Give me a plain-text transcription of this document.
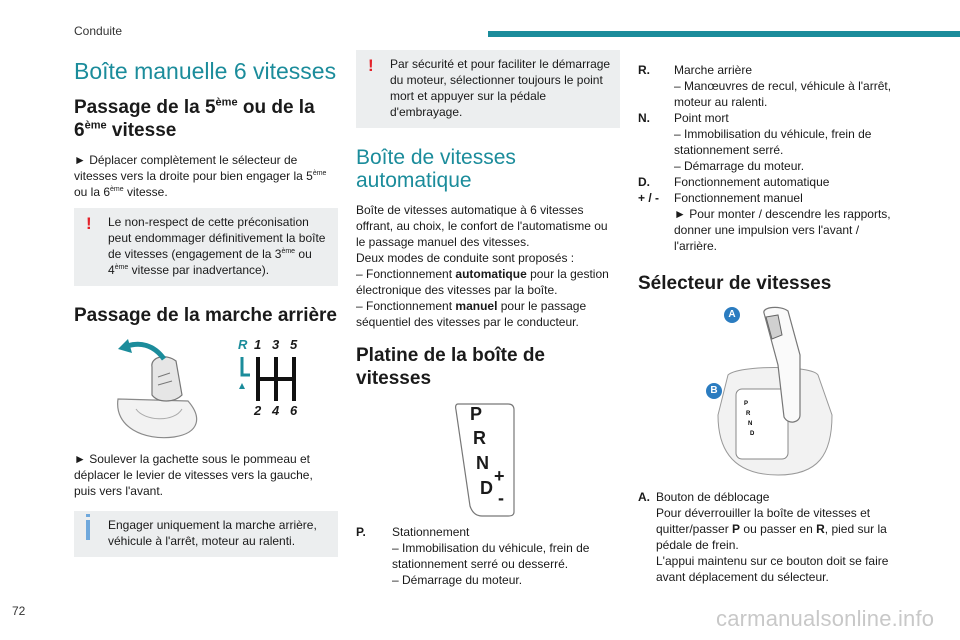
Conduite
Boîte manuelle 6 vitesses
Passage de la 5ème ou de la 6ème vitesse

► Déplacer complètement le sélecteur de vitesses vers la droite pour bien engager la 5ème ou la 6ème vitesse.

! Le non-respect de cette préconisation peut endommager définitivement la boîte de vitesses (engagement de la 3ème ou 4ème vitesse par inadvertance).
Passage de la marche arrière
R 1 3 5
2 4 6

► Soulever la gachette sous le pommeau et déplacer le levier de vitesses vers la gauche, puis vers l'avant.

Engager uniquement la marche arrière, véhicule à l'arrêt, moteur au ralenti.
! Par sécurité et pour faciliter le démarrage du moteur, sélectionner toujours le point mort et appuyer sur la pédale d'embrayage.
Boîte de vitesses automatique

Boîte de vitesses automatique à 6 vitesses offrant, au choix, le confort de l'automatisme ou le passage manuel des vitesses.

Deux modes de conduite sont proposés :

– Fonctionnement automatique pour la gestion électronique des vitesses par la boîte.

– Fonctionnement manuel pour le passage séquentiel des vitesses par le conducteur.

Platine de la boîte de vitesses
P
R
N
D
+
-
P.	Stationnement
– Immobilisation du véhicule, frein de stationnement serré ou desserré.
– Démarrage du moteur.
R.	Marche arrière
– Manœuvres de recul, véhicule à l'arrêt, moteur au ralenti.
N.	Point mort
– Immobilisation du véhicule, frein de stationnement serré.
– Démarrage du moteur.
D.	Fonctionnement automatique
+ / -	Fonctionnement manuel
► Pour monter / descendre les rapports, donner une impulsion vers l'avant / l'arrière.
Sélecteur de vitesses
P
R
N
D
A
B
A. Bouton de déblocage
Pour déverrouiller la boîte de vitesses et quitter/passer P ou passer en R, pied sur la pédale de frein.
L'appui maintenu sur ce bouton doit se faire avant déplacement du sélecteur.
72	carmanualsonline.info
